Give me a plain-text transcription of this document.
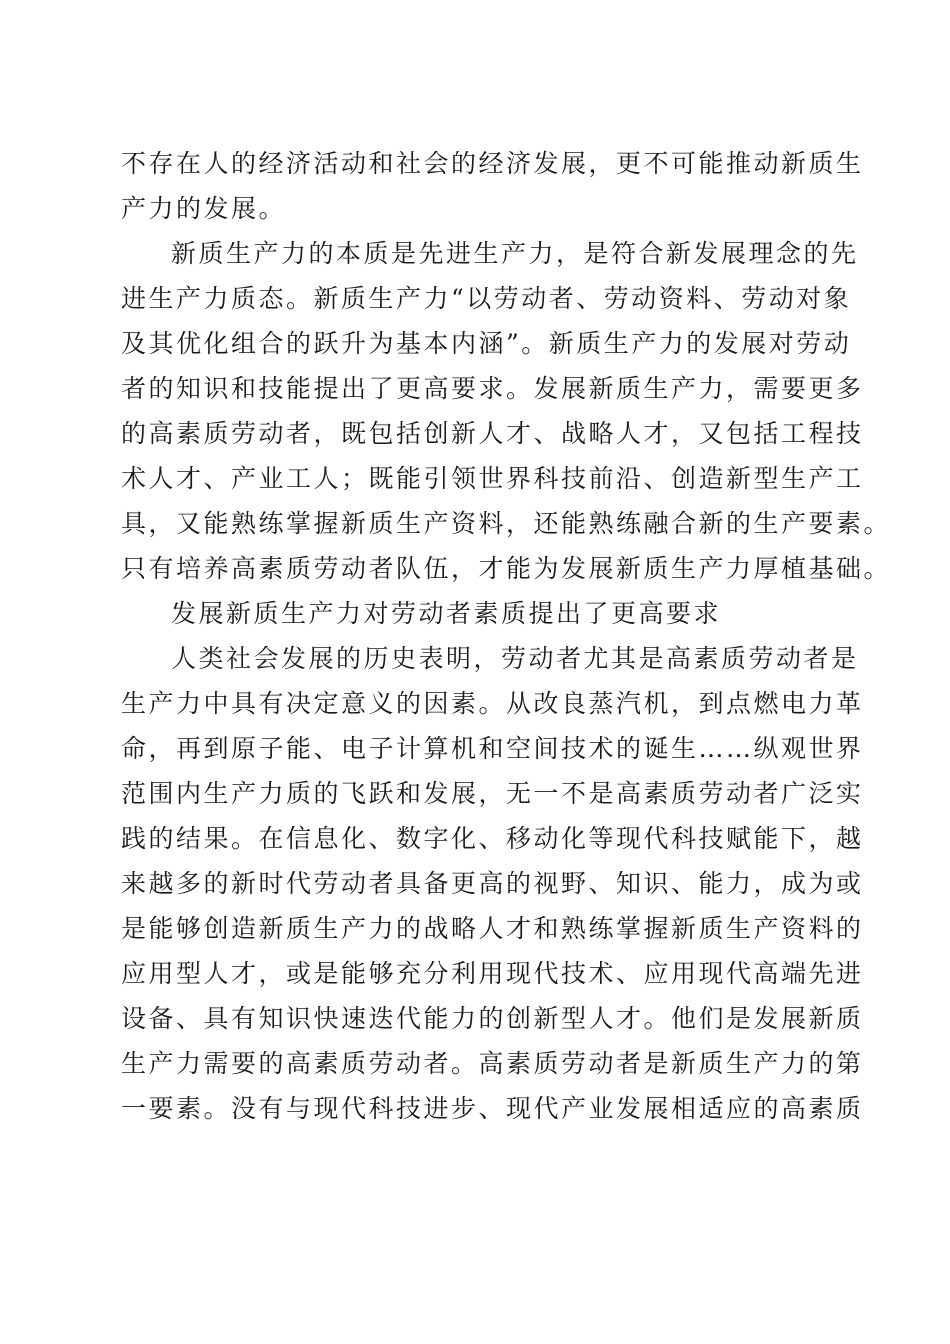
不存在人的经济活动和社会的经济发展，更不可能推动新质生
产力的发展。
新质生产力的本质是先进生产力，是符合新发展理念的先
进生产力质态。新质生产力“以劳动者、劳动资料、劳动对象
及其优化组合的跃升为基本内涵”。新质生产力的发展对劳动
者的知识和技能提出了更高要求。发展新质生产力，需要更多
的高素质劳动者，既包括创新人才、战略人才，又包括工程技
术人才、产业工人；既能引领世界科技前沿、创造新型生产工
具，又能熟练掌握新质生产资料，还能熟练融合新的生产要素。
只有培养高素质劳动者队伍，才能为发展新质生产力厚植基础。
发展新质生产力对劳动者素质提出了更高要求
人类社会发展的历史表明，劳动者尤其是高素质劳动者是
生产力中具有决定意义的因素。从改良蒸汽机，到点燃电力革
命，再到原子能、电子计算机和空间技术的诞生……纵观世界
范围内生产力质的飞跃和发展，无一不是高素质劳动者广泛实
践的结果。在信息化、数字化、移动化等现代科技赋能下，越
来越多的新时代劳动者具备更高的视野、知识、能力，成为或
是能够创造新质生产力的战略人才和熟练掌握新质生产资料的
应用型人才，或是能够充分利用现代技术、应用现代高端先进
设备、具有知识快速迭代能力的创新型人才。他们是发展新质
生产力需要的高素质劳动者。高素质劳动者是新质生产力的第
一要素。没有与现代科技进步、现代产业发展相适应的高素质
